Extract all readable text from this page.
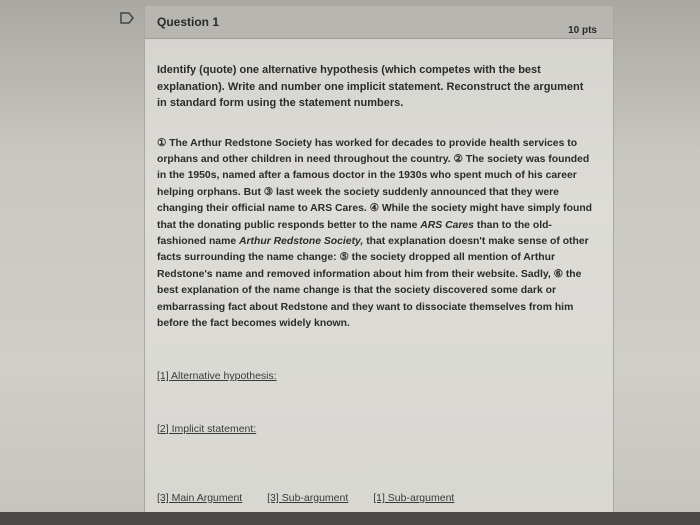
Question 1
10 pts

Identify (quote) one alternative hypothesis (which competes with the best explanation). Write and number one implicit statement. Reconstruct the argument in standard form using the statement numbers.

① The Arthur Redstone Society has worked for decades to provide health services to orphans and other children in need throughout the country. ② The society was founded in the 1950s, named after a famous doctor in the 1930s who spent much of his career helping orphans. But ③ last week the society suddenly announced that they were changing their official name to ARS Cares. ④ While the society might have simply found that the donating public responds better to the name ARS Cares than to the old-fashioned name Arthur Redstone Society, that explanation doesn't make sense of other facts surrounding the name change: ⑤ the society dropped all mention of Arthur Redstone's name and removed information about him from their website. Sadly, ⑥ the best explanation of the name change is that the society discovered some dark or embarrassing fact about Redstone and they want to dissociate themselves from him before the fact becomes widely known.

[1] Alternative hypothesis:
[2] Implicit statement:
[3] Main Argument [3] Sub-argument [1] Sub-argument
